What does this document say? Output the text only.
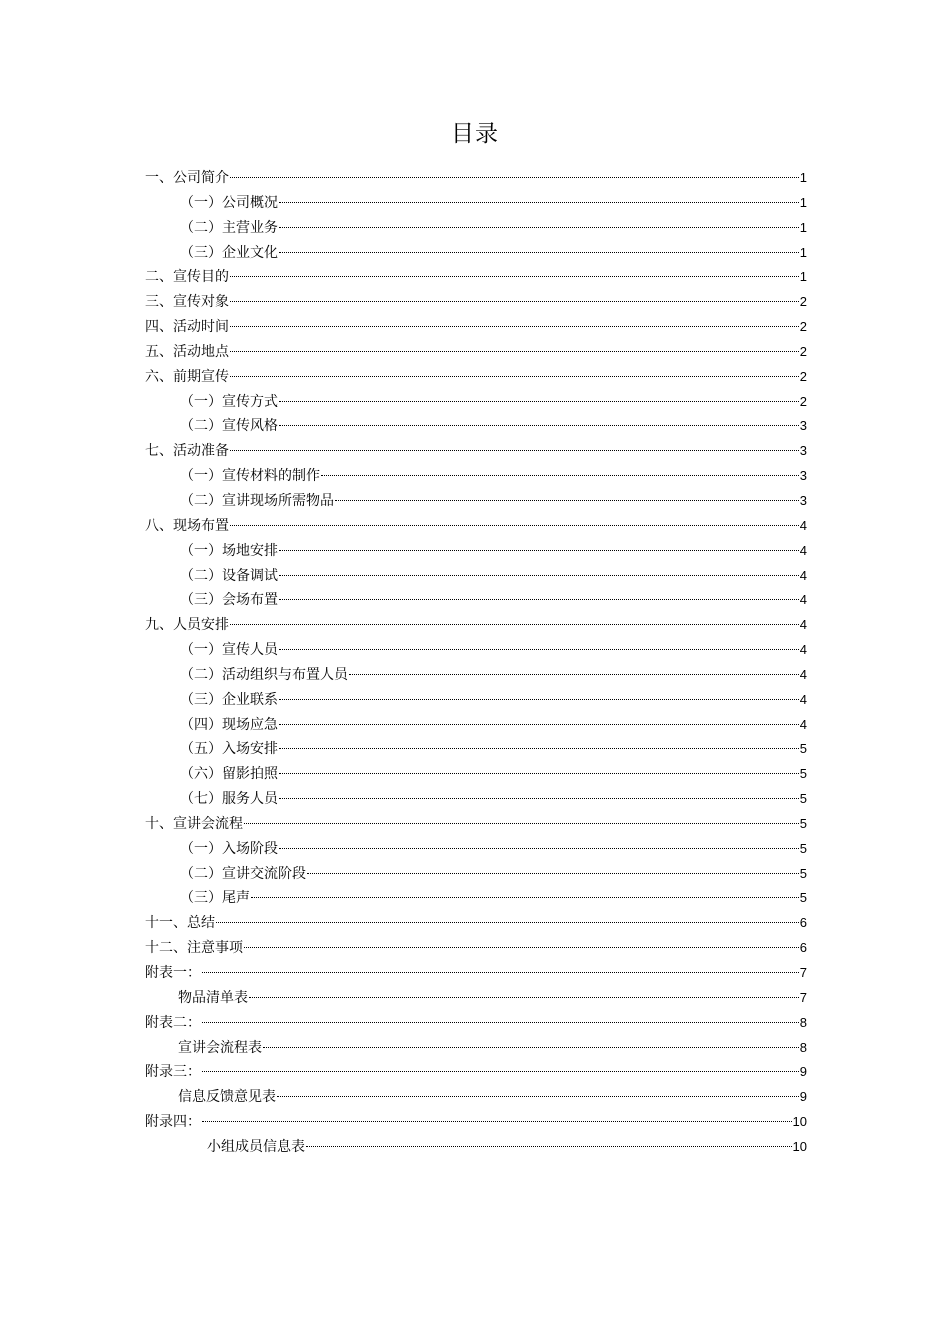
目录
一、公司简介	1
（一）公司概况	1
（二）主营业务	1
（三）企业文化	1
二、宣传目的	1
三、宣传对象	2
四、活动时间	2
五、活动地点	2
六、前期宣传	2
（一）宣传方式	2
（二）宣传风格	3
七、活动准备	3
（一）宣传材料的制作	3
（二）宣讲现场所需物品	3
八、现场布置	4
（一）场地安排	4
（二）设备调试	4
（三）会场布置	4
九、人员安排	4
（一）宣传人员	4
（二）活动组织与布置人员	4
（三）企业联系	4
（四）现场应急	4
（五）入场安排	5
（六）留影拍照	5
（七）服务人员	5
十、宣讲会流程	5
（一）入场阶段	5
（二）宣讲交流阶段	5
（三）尾声	5
十一、总结	6
十二、注意事项	6
附表一：	7
物品清单表	7
附表二：	8
宣讲会流程表	8
附录三：	9
信息反馈意见表	9
附录四：	10
小组成员信息表	10
